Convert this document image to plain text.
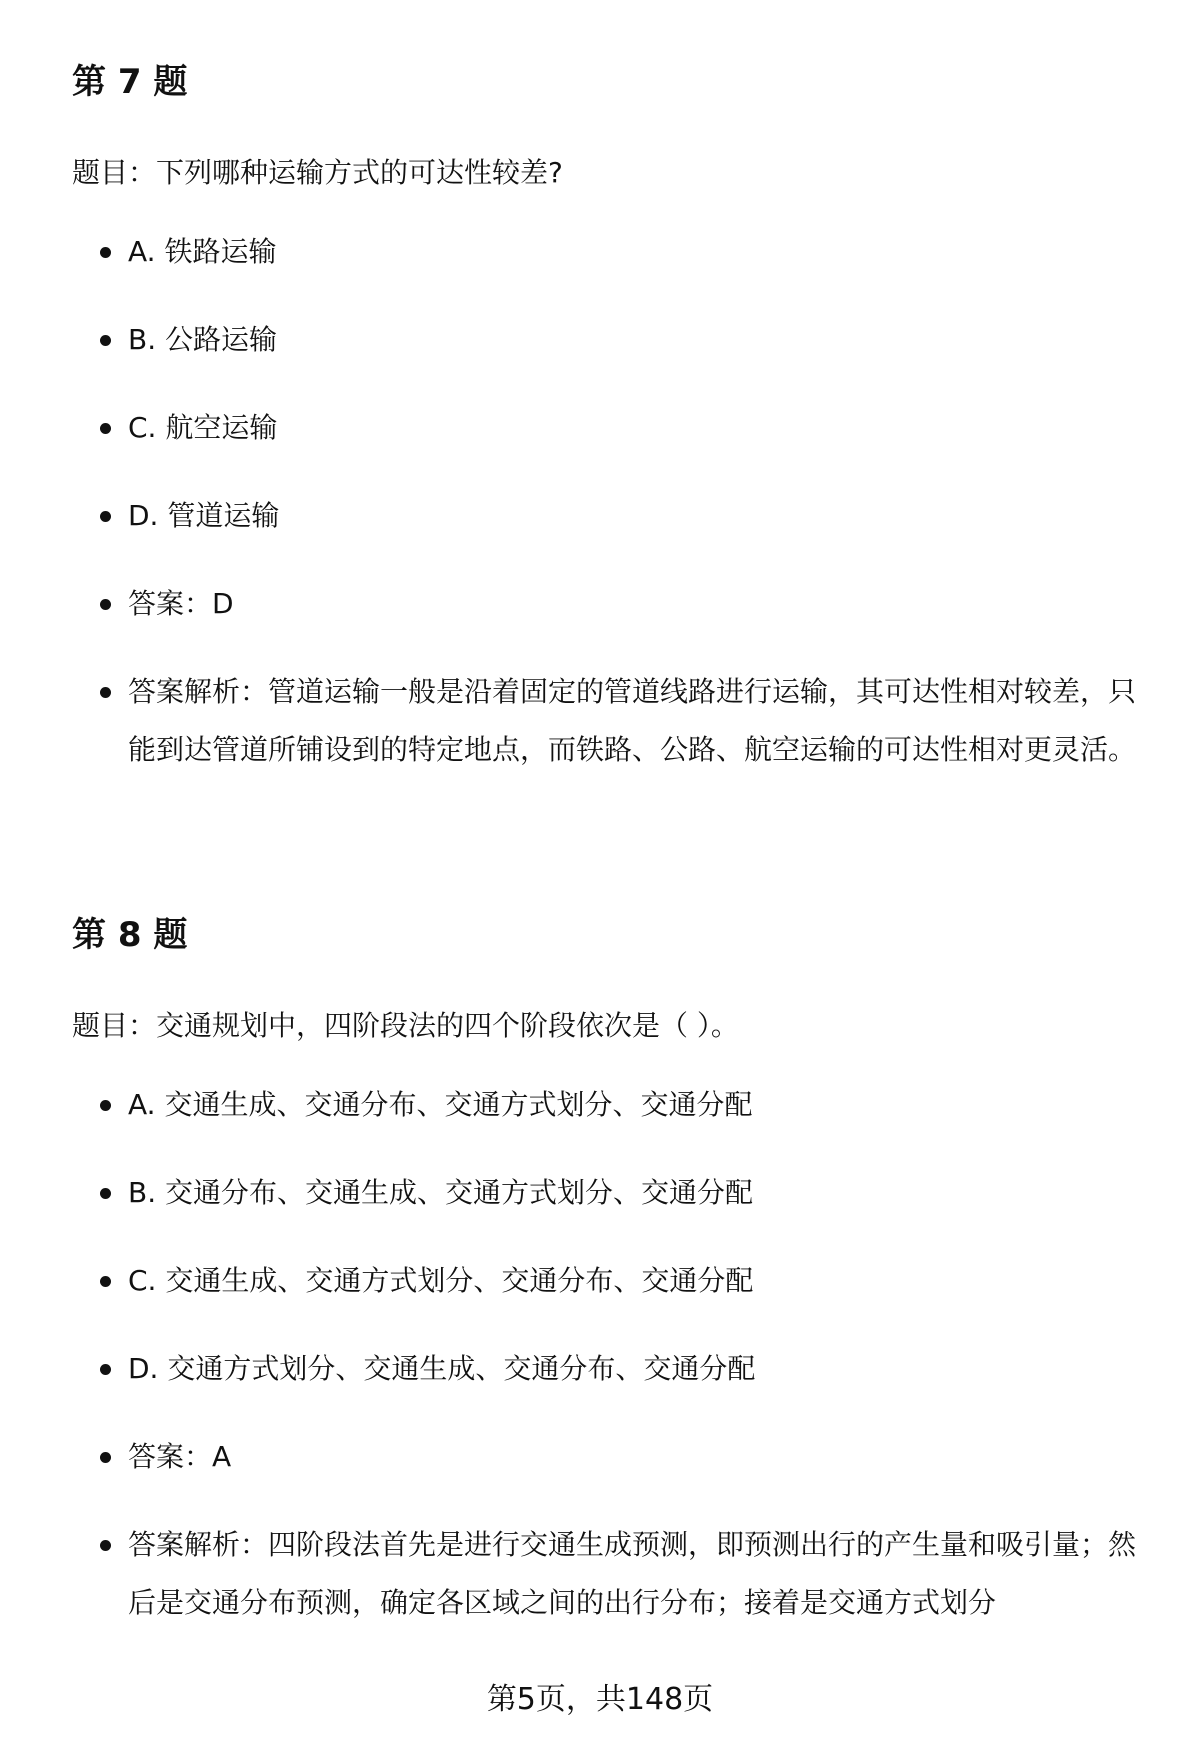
第 7 题

题目：下列哪种运输方式的可达性较差?

A. 铁路运输
B. 公路运输
C. 航空运输
D. 管道运输
答案：D
答案解析：管道运输一般是沿着固定的管道线路进行运输，其可达性相对较差，只能到达管道所铺设到的特定地点，而铁路、公路、航空运输的可达性相对更灵活。
第 8 题

题目：交通规划中，四阶段法的四个阶段依次是（ ）。

A. 交通生成、交通分布、交通方式划分、交通分配
B. 交通分布、交通生成、交通方式划分、交通分配
C. 交通生成、交通方式划分、交通分布、交通分配
D. 交通方式划分、交通生成、交通分布、交通分配
答案：A
答案解析：四阶段法首先是进行交通生成预测，即预测出行的产生量和吸引量；然后是交通分布预测，确定各区域之间的出行分布；接着是交通方式划分
第5页，共148页
